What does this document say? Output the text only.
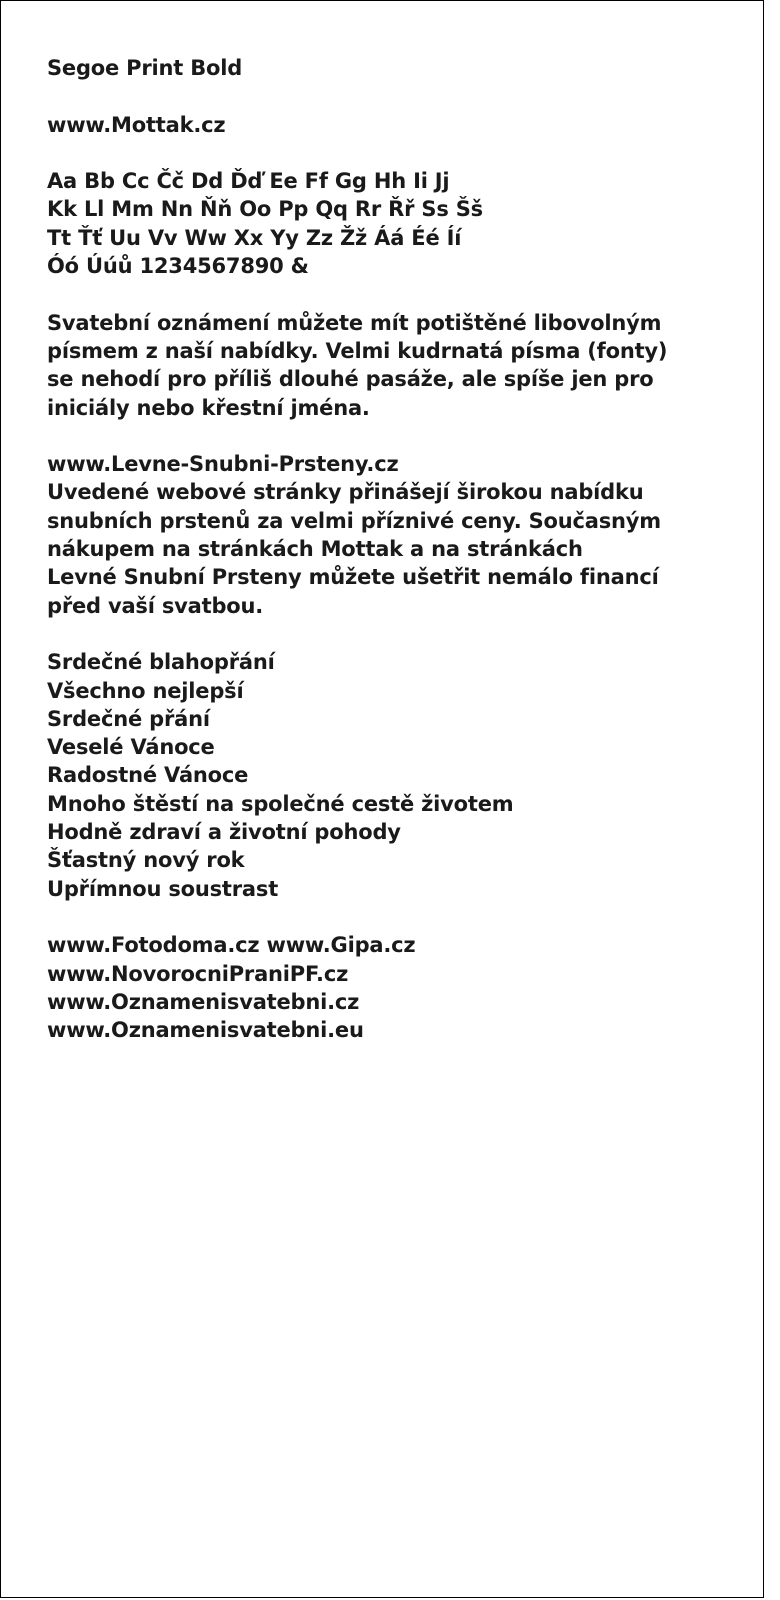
Segoe Print Bold
www.Mottak.cz
Aa Bb Cc Čč Dd Ďď Ee Ff Gg Hh Ii Jj
Kk Ll Mm Nn Ňň Oo Pp Qq Rr Řř Ss Šš
Tt Ťť Uu Vv Ww Xx Yy Zz Žž Áá Éé Íí
Óó Úúů 1234567890 &
Svatební oznámení můžete mít potištěné libovolným
písmem z naší nabídky. Velmi kudrnatá písma (fonty)
se nehodí pro příliš dlouhé pasáže, ale spíše jen pro
iniciály nebo křestní jména.
www.Levne-Snubni-Prsteny.cz
Uvedené webové stránky přinášejí širokou nabídku
snubních prstenů za velmi příznivé ceny. Současným
nákupem na stránkách Mottak a na stránkách
Levné Snubní Prsteny můžete ušetřit nemálo financí
před vaší svatbou.
Srdečné blahopřání
Všechno nejlepší
Srdečné přání
Veselé Vánoce
Radostné Vánoce
Mnoho štěstí na společné cestě životem
Hodně zdraví a životní pohody
Šťastný nový rok
Upřímnou soustrast
www.Fotodoma.cz www.Gipa.cz
www.NovorocniPraniPF.cz
www.Oznamenisvatebni.cz
www.Oznamenisvatebni.eu
